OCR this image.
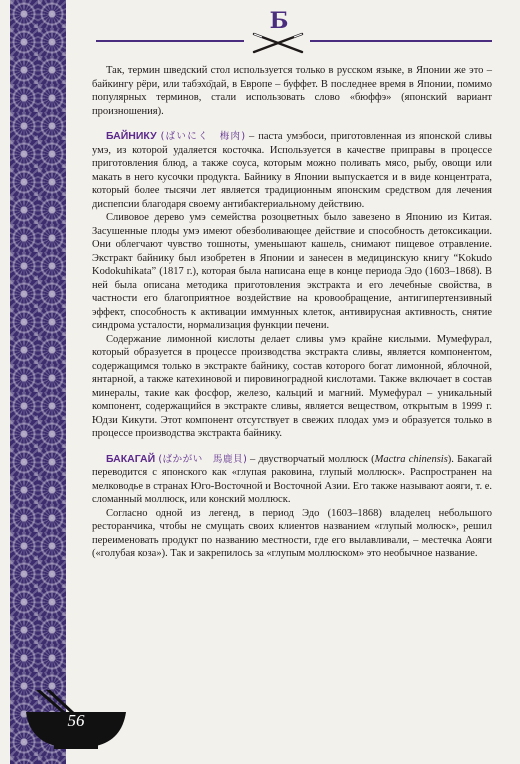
Б

Так, термин шведский стол используется только в русском языке, в Японии же это – байкингу рёри, или табэхо̄дай, в Европе – буффет. В последнее время в Японии, помимо популярных терминов, стали использовать слово «бюффэ» (японский вариант произношения).

БАЙНИКУ (ばいにく　梅肉) – паста умэбоси, приготовленная из японской сливы умэ, из которой удаляется косточка. Используется в качестве приправы в процессе приготовления блюд, а также соуса, которым можно поливать мясо, рыбу, овощи или макать в него кусочки продукта. Байнику в Японии выпускается и в виде концентрата, который более тысячи лет является традиционным японским средством для лечения диспепсии благодаря своему антибактериальному действию.

Сливовое дерево умэ семейства розоцветных было завезено в Японию из Китая. Засушенные плоды умэ имеют обезболивающее действие и способность детоксикации. Они облегчают чувство тошноты, уменьшают кашель, снимают пищевое отравление. Экстракт байнику был изобретен в Японии и занесен в медицинскую книгу “Kokudo Kodokuhikata” (1817 г.), которая была написана еще в конце периода Эдо (1603–1868). В ней была описана методика приготовления экстракта и его лечебные свойства, в частности его благоприятное воздействие на кровообращение, антигипертензивный эффект, способность к активации иммунных клеток, антивирусная активность, снятие синдрома усталости, нормализация функции печени.

Содержание лимонной кислоты делает сливы умэ крайне кислыми. Мумефурал, который образуется в процессе производства экстракта сливы, является компонентом, содержащимся только в экстракте байнику, состав которого богат лимонной, яблочной, янтарной, а также катехиновой и пировиноградной кислотами. Также включает в состав минералы, такие как фосфор, железо, кальций и магний. Мумефурал – уникальный компонент, содержащийся в экстракте сливы, является веществом, открытым в 1999 г. Юдзи Кикути. Этот компонент отсутствует в свежих плодах умэ и образуется только в процессе производства экстракта байнику.

БАКАГАЙ (ばかがい　馬鹿貝) – двустворчатый моллюск (Mactra chinensis). Бакагай переводится с японского как «глупая раковина, глупый моллюск». Распространен на мелководье в странах Юго-Восточной и Восточной Азии. Его также называют аояги, т. е. сломанный моллюск, или конский моллюск.

Согласно одной из легенд, в период Эдо (1603–1868) владелец небольшого ресторанчика, чтобы не смущать своих клиентов названием «глупый молюск», решил переименовать продукт по названию местности, где его вылавливали, – местечка Аояги («голубая коза»). Так и закрепилось за «глупым моллюском» это необычное название.

56
